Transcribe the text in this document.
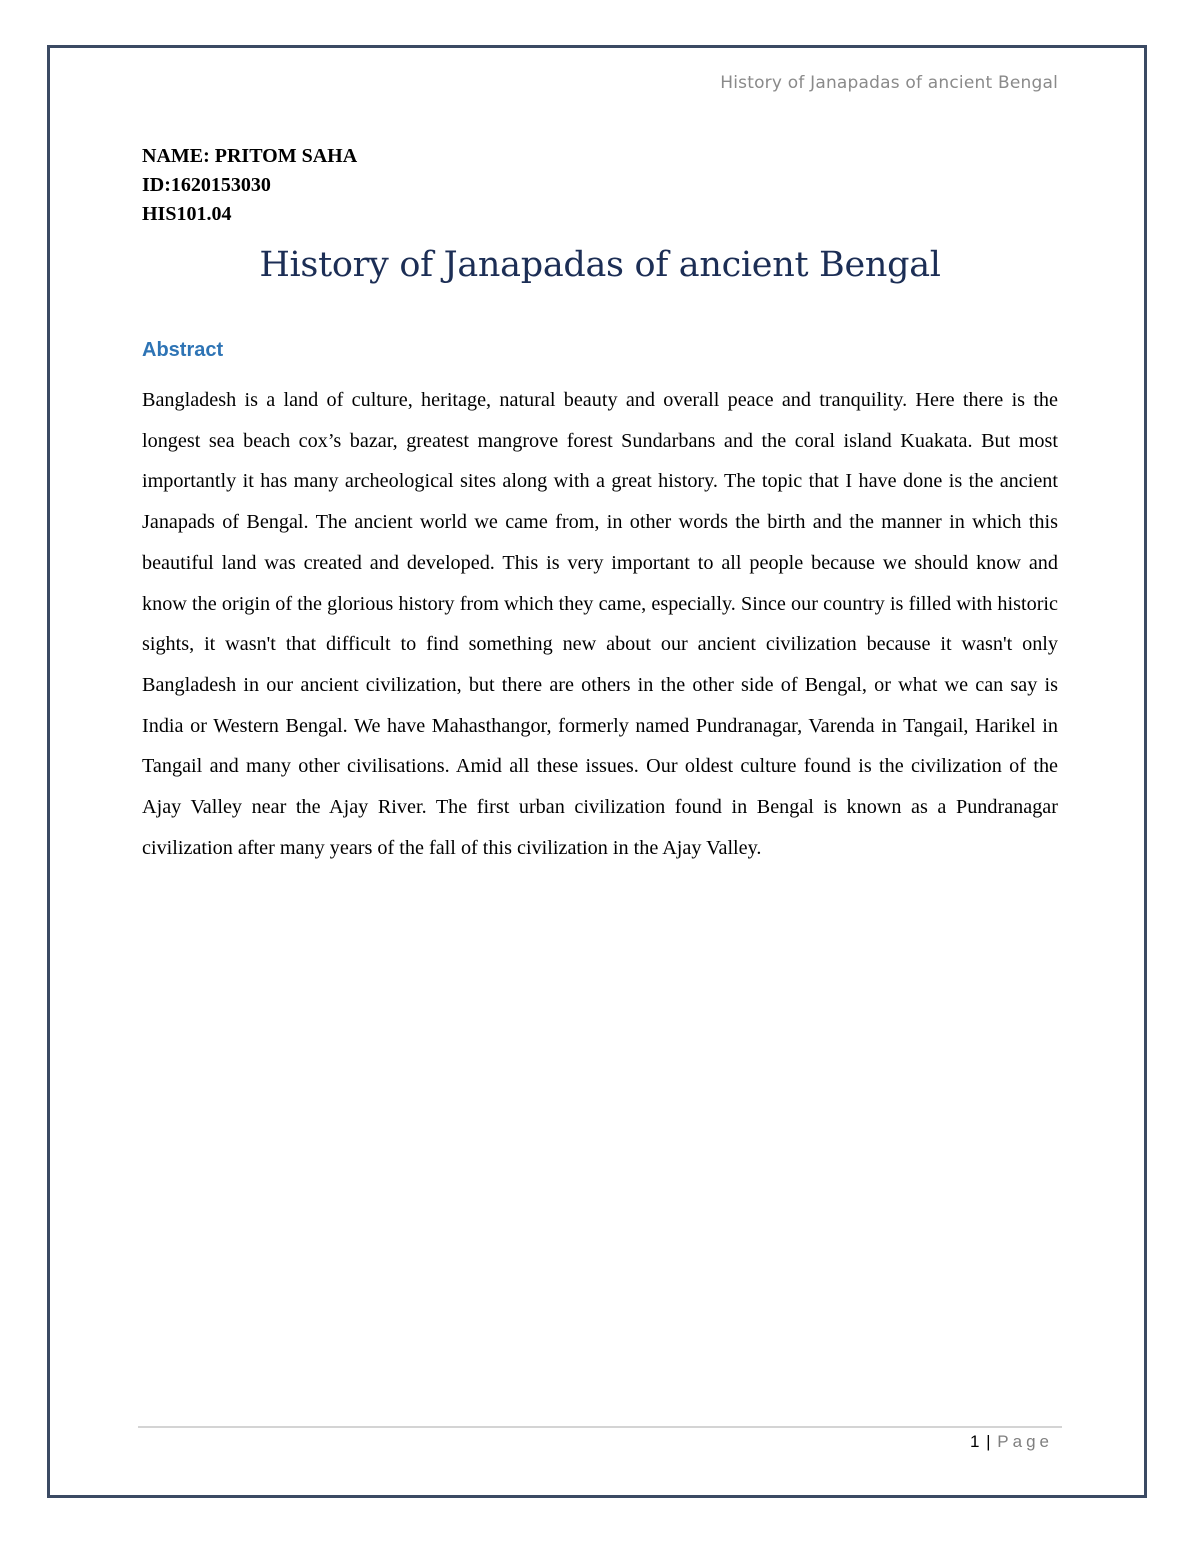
History of Janapadas of ancient Bengal
NAME: PRITOM SAHA
ID:1620153030
HIS101.04
History of Janapadas of ancient Bengal
Abstract

Bangladesh is a land of culture, heritage, natural beauty and overall peace and tranquility. Here there is the longest sea beach cox’s bazar, greatest mangrove forest Sundarbans and the coral island Kuakata. But most importantly it has many archeological sites along with a great history. The topic that I have done is the ancient Janapads of Bengal. The ancient world we came from, in other words the birth and the manner in which this beautiful land was created and developed. This is very important to all people because we should know and know the origin of the glorious history from which they came, especially. Since our country is filled with historic sights, it wasn't that difficult to find something new about our ancient civilization because it wasn't only Bangladesh in our ancient civilization, but there are others in the other side of Bengal, or what we can say is India or Western Bengal. We have Mahasthangor, formerly named Pundranagar, Varenda in Tangail, Harikel in Tangail and many other civilisations. Amid all these issues. Our oldest culture found is the civilization of the Ajay Valley near the Ajay River. The first urban civilization found in Bengal is known as a Pundranagar civilization after many years of the fall of this civilization in the Ajay Valley.

1 | Page
